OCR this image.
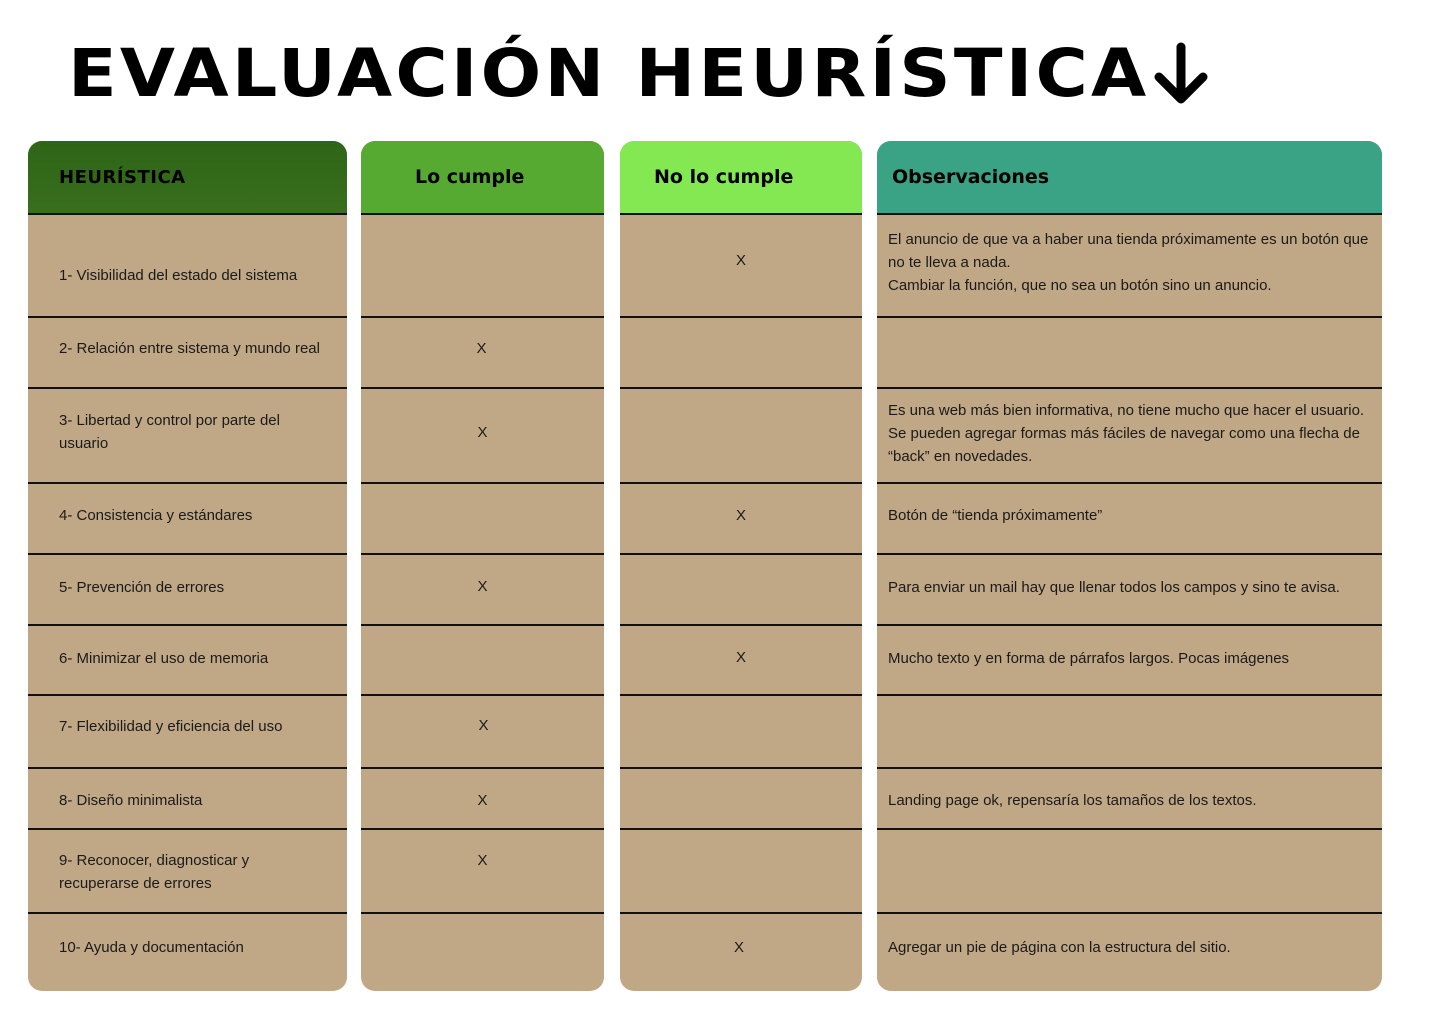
EVALUACIÓN HEURÍSTICA
HEURÍSTICA
1- Visibilidad del estado del sistema
2- Relación entre sistema y mundo real
3- Libertad y control por parte del usuario
4- Consistencia y estándares
5- Prevención de errores
6- Minimizar el uso de memoria
7- Flexibilidad y eficiencia del uso
8- Diseño minimalista
9- Reconocer, diagnosticar y recuperarse de errores
10- Ayuda y documentación
Lo cumple
X
X
X
X
X
X
No lo cumple
X
X
X
X
Observaciones
El anuncio de que va a haber una tienda próximamente es un botón que no te lleva a nada.
Cambiar la función, que no sea un botón sino un anuncio.
Es una web más bien informativa, no tiene mucho que hacer el usuario. Se pueden agregar formas más fáciles de navegar como una flecha de “back” en novedades.
Botón de “tienda próximamente”
Para enviar un mail hay que llenar todos los campos y sino te avisa.
Mucho texto y en forma de párrafos largos. Pocas imágenes
Landing page ok, repensaría los tamaños de los textos.
Agregar un pie de página con la estructura del sitio.
